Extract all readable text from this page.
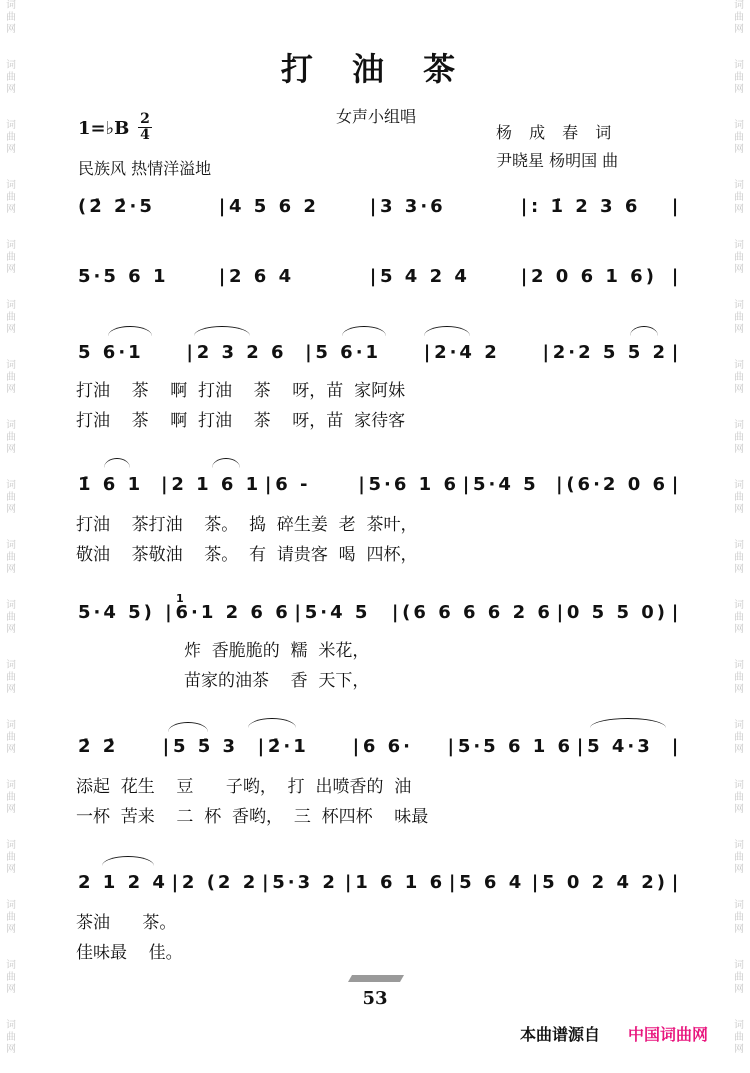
词
曲
网
词
曲
网
词
曲
网
词
曲
网
词
曲
网
词
曲
网
词
曲
网
词
曲
网
词
曲
网
词
曲
网
词
曲
网
词
曲
网
词
曲
网
词
曲
网
词
曲
网
词
曲
网
词
曲
网
词
曲
网
词
曲
网
词
曲
网
词
曲
网
词
曲
网
词
曲
网
词
曲
网
词
曲
网
词
曲
网
词
曲
网
词
曲
网
词
曲
网
词
曲
网
词
曲
网
词
曲
网
词
曲
网
词
曲
网
词
曲
网
词
曲
网
打 油 茶
1=♭B 2
4
女声小组唱
杨 成 春 词
尹晓星 杨明国 曲
民族风 热情洋溢地
(2̇ 2̇·5	| 4 5 6 2	| 3 3·6	| : 1̇ 2 3 6	|
5·5 6 1	| 2 6 4	| 5 4 2 4	| 2 0 6 1 6) |
5 6·1	| 2 3 2 6	| 5 6·1	| 2·4 2	| 2·2 5 5 2 |
1̇ 6 1 | 2 1 6 1 | 6 -	| 5·6 1 6 | 5·4 5 | (6·2 0 6 |
5·4 5) | 6·1 2 6 6 | 5·4 5	| (6 6 6 6 2 6 | 0 5 5 0) |
2̇ 2̇	| 5 5̇ 3	| 2̇·1	| 6 6·	| 5·5 6 1 6 | 5 4·3	|
2 1 2 4 | 2 (2 2 | 5·3 2 | 1 6 1 6 | 5 6 4 | 5 0 2 4 2) |
打油    茶    啊  打油    茶    呀，苗  家阿妹
打油    茶    啊  打油    茶    呀，苗  家待客
打油    茶打油    茶。  捣  碎生姜  老  茶叶，
敬油    茶敬油    茶。  有  请贵客  喝  四杯，
炸  香脆脆的  糯  米花，
苗家的油茶    香  天下，
添起  花生    豆      子哟，  打  出喷香的  油
一杯  苦来    二  杯  香哟，  三  杯四杯    味最
茶油      茶。
佳味最    佳。
1
53
本曲谱源自 中国词曲网
